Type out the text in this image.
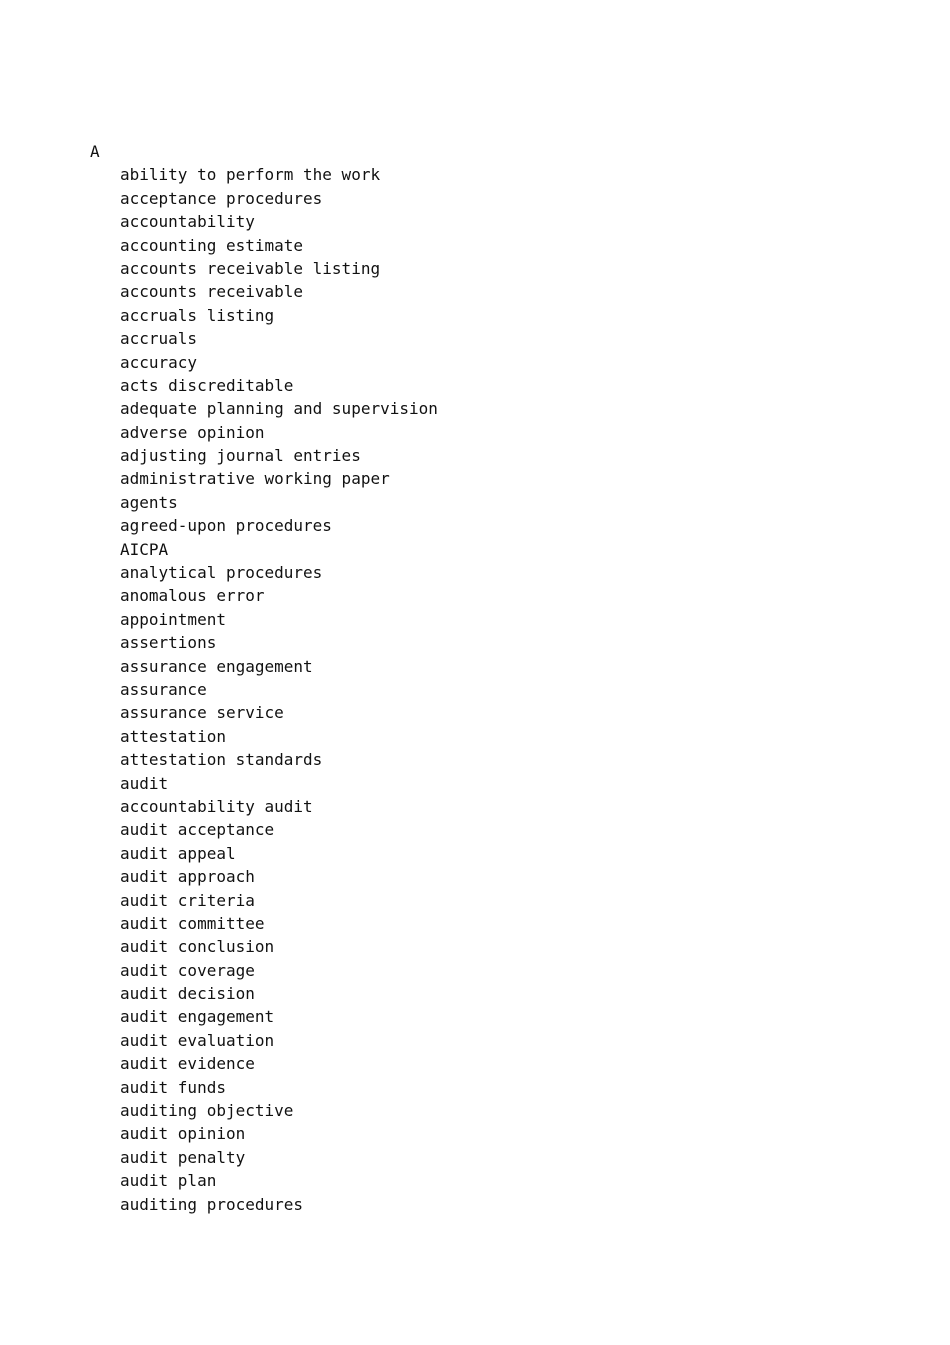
A
ability to perform the work
acceptance procedures
accountability
accounting estimate
accounts receivable listing
accounts receivable
accruals listing
accruals
accuracy
acts discreditable
adequate planning and supervision
adverse opinion
adjusting journal entries
administrative working paper
agents
agreed-upon procedures
AICPA
analytical procedures
anomalous error
appointment
assertions
assurance engagement
assurance
assurance service
attestation
attestation standards
audit
accountability audit
audit acceptance
audit appeal
audit approach
audit criteria
audit committee
audit conclusion
audit coverage
audit decision
audit engagement
audit evaluation
audit evidence
audit funds
auditing objective
audit opinion
audit penalty
audit plan
auditing procedures
